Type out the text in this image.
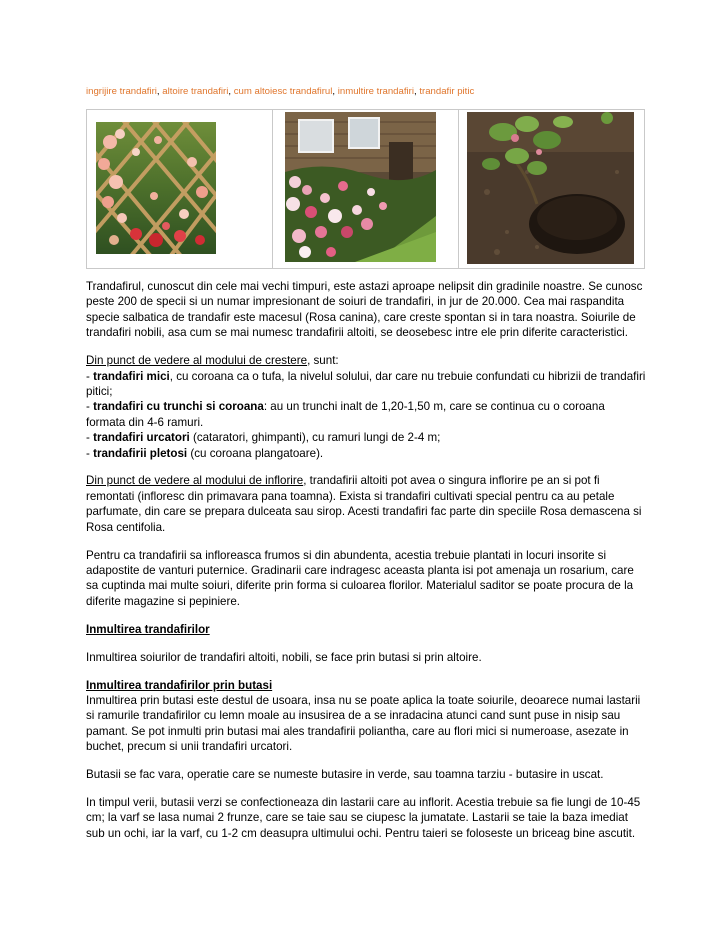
ingrijire trandafiri, altoire trandafiri, cum altoiesc trandafirul, inmultire trandafiri, trandafir pitic

Trandafirul, cunoscut din cele mai vechi timpuri, este astazi aproape nelipsit din gradinile noastre. Se cunosc peste 200 de specii si un numar impresionant de soiuri de trandafiri, in jur de 20.000. Cea mai raspandita specie salbatica de trandafir este macesul (Rosa canina), care creste spontan si in tara noastra. Soiurile de trandafiri nobili, asa cum se mai numesc trandafirii altoiti, se deosebesc intre ele prin diferite caracteristici.

Din punct de vedere al modului de crestere, sunt:
- trandafiri mici, cu coroana ca o tufa, la nivelul solului, dar care nu trebuie confundati cu hibrizii de trandafiri pitici;
- trandafiri cu trunchi si coroana: au un trunchi inalt de 1,20-1,50 m, care se continua cu o coroana formata din 4-6 ramuri.
- trandafiri urcatori (cataratori, ghimpanti), cu ramuri lungi de 2-4 m;
- trandafirii pletosi (cu coroana plangatoare).

Din punct de vedere al modului de inflorire, trandafirii altoiti pot avea o singura inflorire pe an si pot fi remontati (infloresc din primavara pana toamna). Exista si trandafiri cultivati special pentru ca au petale parfumate, din care se prepara dulceata sau sirop. Acesti trandafiri fac parte din speciile Rosa demascena si Rosa centifolia.

Pentru ca trandafirii sa infloreasca frumos si din abundenta, acestia trebuie plantati in locuri insorite si adapostite de vanturi puternice. Gradinarii care indragesc aceasta planta isi pot amenaja un rosarium, care sa cuptinda mai multe soiuri, diferite prin forma si culoarea florilor. Materialul saditor se poate procura de la diferite magazine si pepiniere.

Inmultirea trandafirilor

Inmultirea soiurilor de trandafiri altoiti, nobili, se face prin butasi si prin altoire.

Inmultirea trandafirilor prin butasi
Inmultirea prin butasi este destul de usoara, insa nu se poate aplica la toate soiurile, deoarece numai lastarii si ramurile trandafirilor cu lemn moale au insusirea de a se inradacina atunci cand sunt puse in nisip sau pamant. Se pot inmulti prin butasi mai ales trandafirii poliantha, care au flori mici si numeroase, asezate in buchet, precum si unii trandafiri urcatori.

Butasii se fac vara, operatie care se numeste butasire in verde, sau toamna tarziu - butasire in uscat.

In timpul verii, butasii verzi se confectioneaza din lastarii care au inflorit. Acestia trebuie sa fie lungi de 10-45 cm; la varf se lasa numai 2 frunze, care se taie sau se ciupesc la jumatate. Lastarii se taie la baza imediat sub un ochi, iar la varf, cu 1-2 cm deasupra ultimului ochi. Pentru taieri se foloseste un briceag bine ascutit.
